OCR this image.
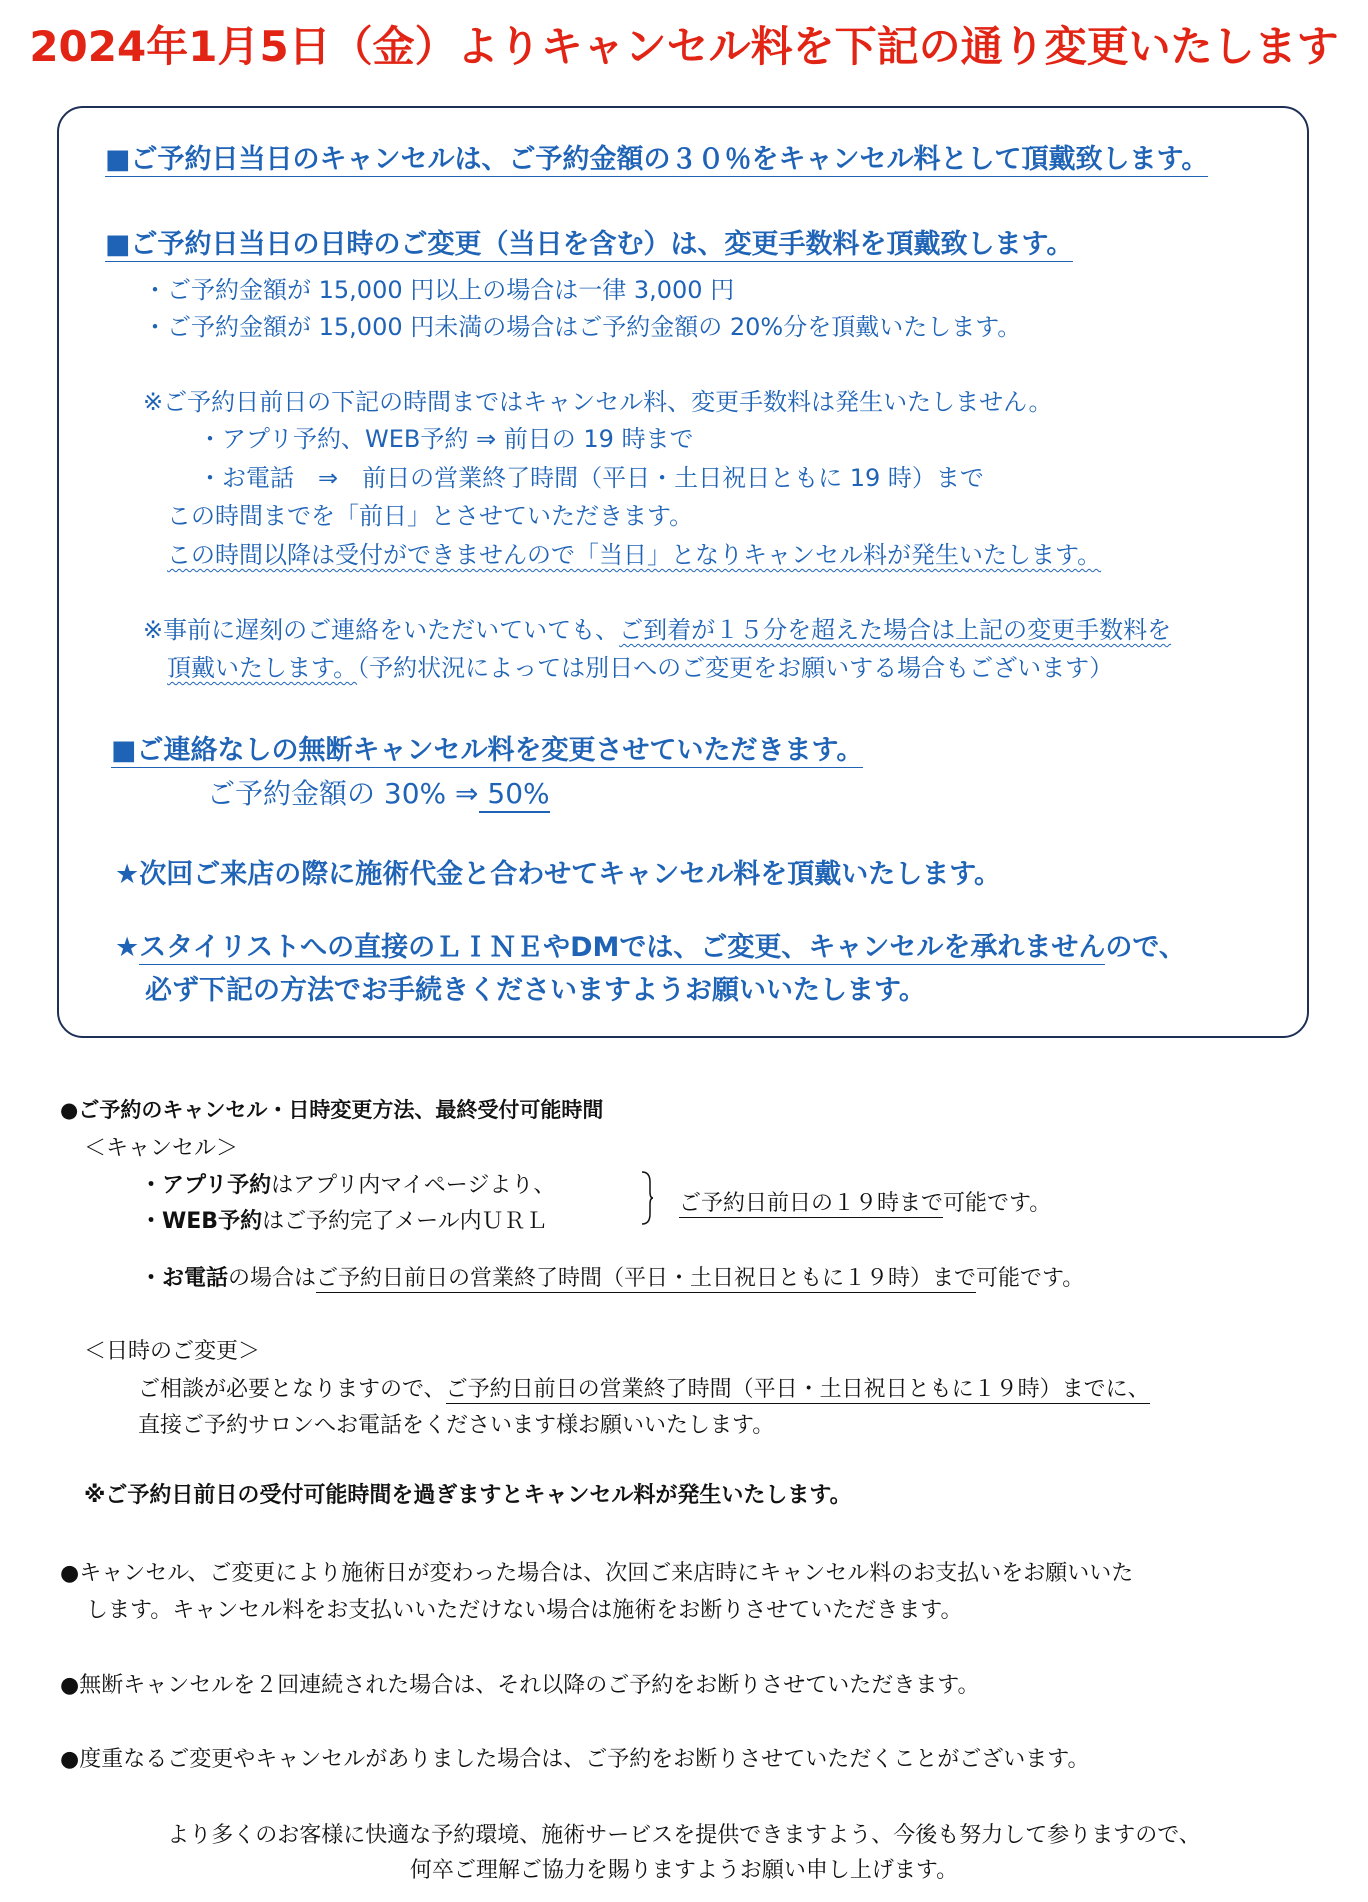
2024年1月5日（金）よりキャンセル料を下記の通り変更いたします
■ご予約日当日のキャンセルは、ご予約金額の３０％をキャンセル料として頂戴致します。
■ご予約日当日の日時のご変更（当日を含む）は、変更手数料を頂戴致します。
・ご予約金額が 15,000 円以上の場合は一律 3,000 円
・ご予約金額が 15,000 円未満の場合はご予約金額の 20%分を頂戴いたします。
※ご予約日前日の下記の時間まではキャンセル料、変更手数料は発生いたしません。
・アプリ予約、WEB予約 ⇒ 前日の 19 時まで
・お電話　⇒　前日の営業終了時間（平日・土日祝日ともに 19 時）まで
この時間までを「前日」とさせていただきます。
この時間以降は受付ができませんので「当日」となりキャンセル料が発生いたします。
※事前に遅刻のご連絡をいただいていても、ご到着が１５分を超えた場合は上記の変更手数料を
頂戴いたします。（予約状況によっては別日へのご変更をお願いする場合もございます）
■ご連絡なしの無断キャンセル料を変更させていただきます。
ご予約金額の 30% ⇒ 50%
★次回ご来店の際に施術代金と合わせてキャンセル料を頂戴いたします。
★スタイリストへの直接のＬＩＮＥやDMでは、ご変更、キャンセルを承れませんので、
必ず下記の方法でお手続きくださいますようお願いいたします。
●ご予約のキャンセル・日時変更方法、最終受付可能時間
＜キャンセル＞
・アプリ予約はアプリ内マイページより、
・WEB予約はご予約完了メール内ＵＲＬ
ご予約日前日の１９時まで可能です。
・お電話の場合はご予約日前日の営業終了時間（平日・土日祝日ともに１９時）まで可能です。
＜日時のご変更＞
ご相談が必要となりますので、ご予約日前日の営業終了時間（平日・土日祝日ともに１９時）までに、
直接ご予約サロンへお電話をくださいます様お願いいたします。
※ご予約日前日の受付可能時間を過ぎますとキャンセル料が発生いたします。
●キャンセル、ご変更により施術日が変わった場合は、次回ご来店時にキャンセル料のお支払いをお願いいた
します。キャンセル料をお支払いいただけない場合は施術をお断りさせていただきます。
●無断キャンセルを２回連続された場合は、それ以降のご予約をお断りさせていただきます。
●度重なるご変更やキャンセルがありました場合は、ご予約をお断りさせていただくことがございます。
より多くのお客様に快適な予約環境、施術サービスを提供できますよう、今後も努力して参りますので、
何卒ご理解ご協力を賜りますようお願い申し上げます。
